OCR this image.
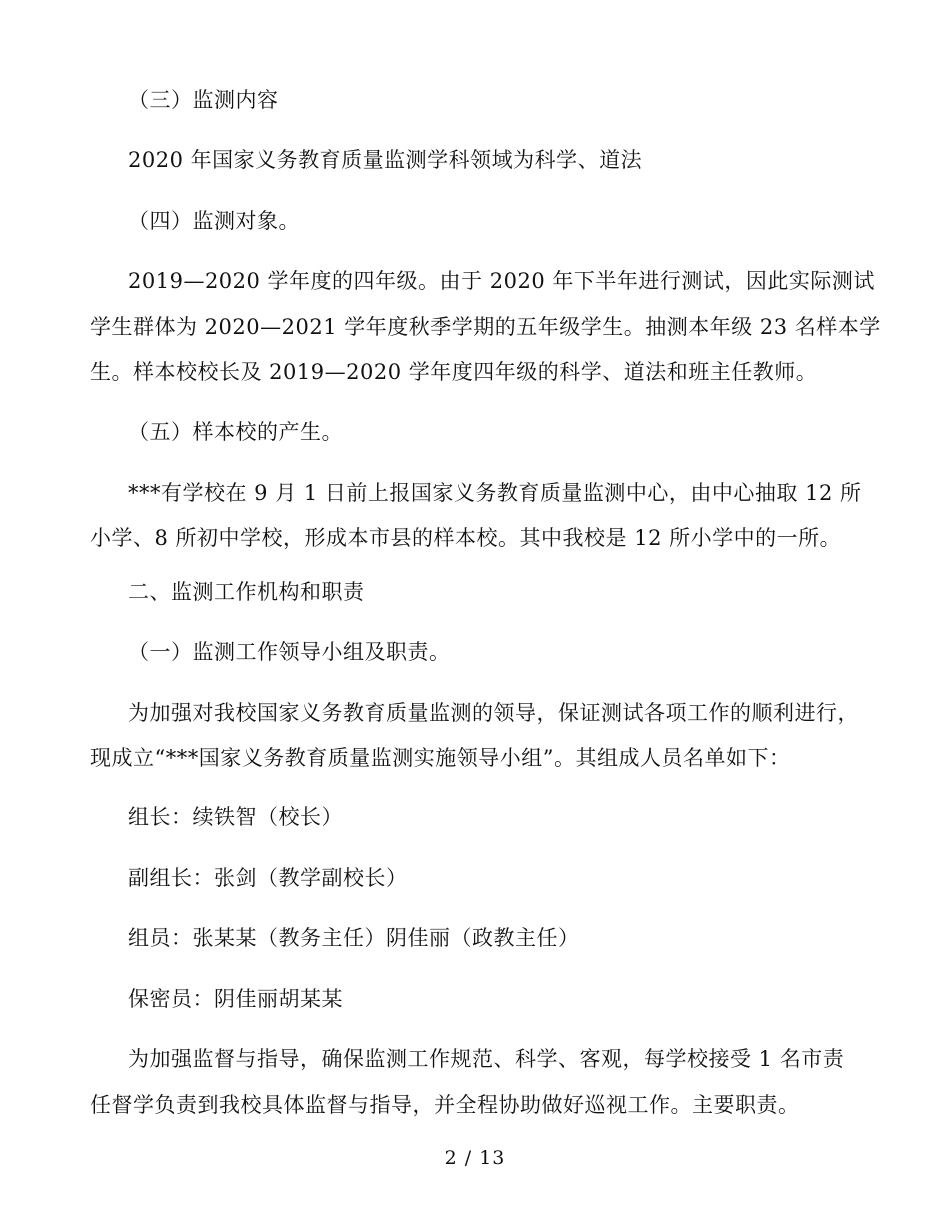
（三）监测内容
2020 年国家义务教育质量监测学科领域为科学、道法
（四）监测对象。
2019—2020 学年度的四年级。由于 2020 年下半年进行测试，因此实际测试
学生群体为 2020—2021 学年度秋季学期的五年级学生。抽测本年级 23 名样本学
生。样本校校长及 2019—2020 学年度四年级的科学、道法和班主任教师。
（五）样本校的产生。
***有学校在 9 月 1 日前上报国家义务教育质量监测中心，由中心抽取 12 所
小学、8 所初中学校，形成本市县的样本校。其中我校是 12 所小学中的一所。
二、监测工作机构和职责
（一）监测工作领导小组及职责。
为加强对我校国家义务教育质量监测的领导，保证测试各项工作的顺利进行，
现成立“***国家义务教育质量监测实施领导小组”。其组成人员名单如下：
组长：续铁智（校长）
副组长：张剑（教学副校长）
组员：张某某（教务主任）阴佳丽（政教主任）
保密员：阴佳丽胡某某
为加强监督与指导，确保监测工作规范、科学、客观，每学校接受 1 名市责
任督学负责到我校具体监督与指导，并全程协助做好巡视工作。主要职责。
2 / 13
